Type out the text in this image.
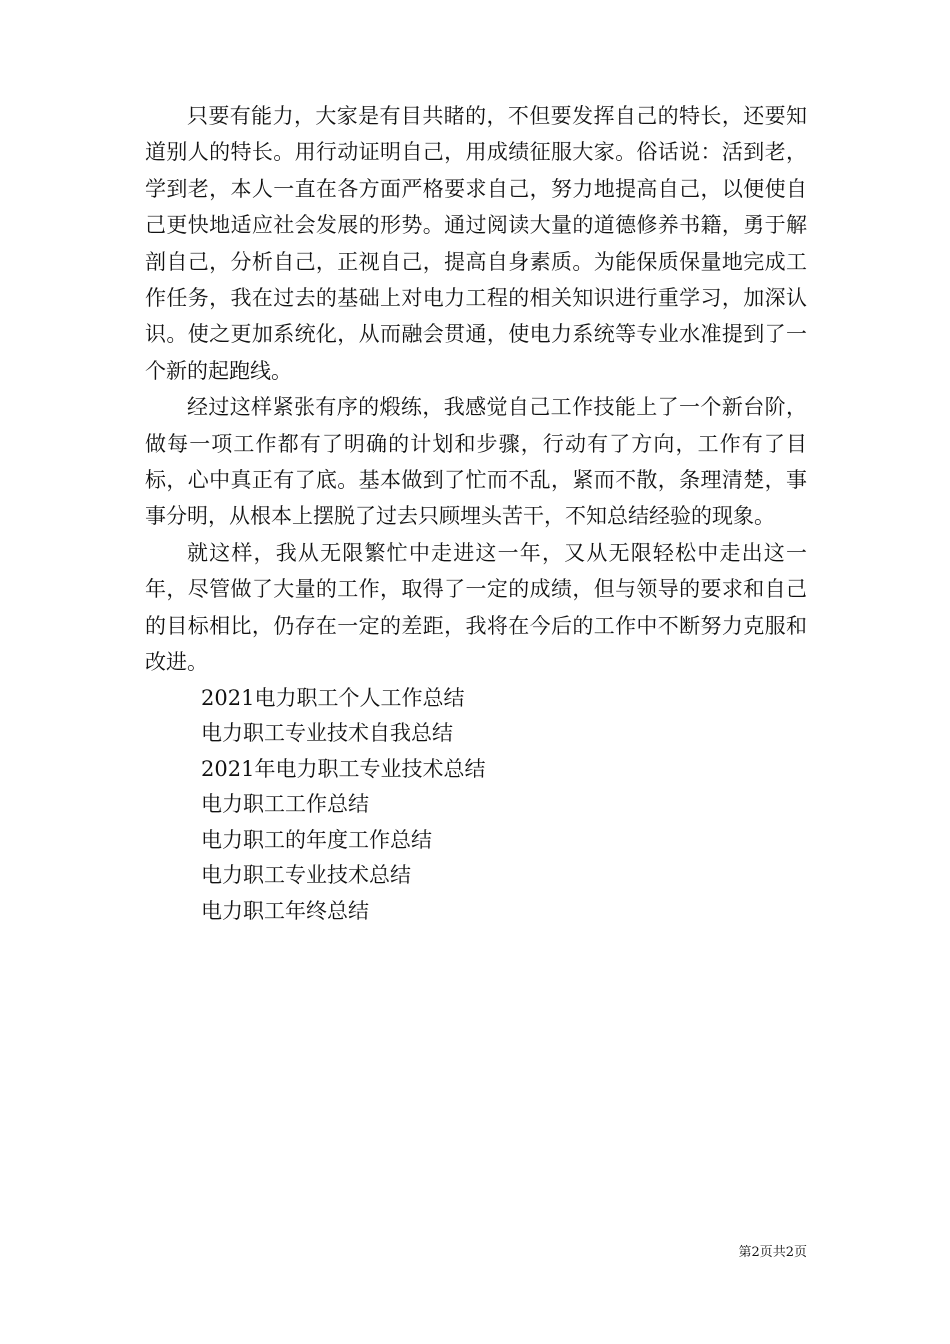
只要有能力，大家是有目共睹的，不但要发挥自己的特长，还要知道别人的特长。用行动证明自己，用成绩征服大家。俗话说：活到老，学到老，本人一直在各方面严格要求自己，努力地提高自己，以便使自己更快地适应社会发展的形势。通过阅读大量的道德修养书籍，勇于解剖自己，分析自己，正视自己，提高自身素质。为能保质保量地完成工作任务，我在过去的基础上对电力工程的相关知识进行重学习，加深认识。使之更加系统化，从而融会贯通，使电力系统等专业水准提到了一个新的起跑线。

经过这样紧张有序的煅练，我感觉自己工作技能上了一个新台阶，做每一项工作都有了明确的计划和步骤，行动有了方向，工作有了目标，心中真正有了底。基本做到了忙而不乱，紧而不散，条理清楚，事事分明，从根本上摆脱了过去只顾埋头苦干，不知总结经验的现象。

就这样，我从无限繁忙中走进这一年，又从无限轻松中走出这一年，尽管做了大量的工作，取得了一定的成绩，但与领导的要求和自己的目标相比，仍存在一定的差距，我将在今后的工作中不断努力克服和改进。

2021电力职工个人工作总结
电力职工专业技术自我总结
2021年电力职工专业技术总结
电力职工工作总结
电力职工的年度工作总结
电力职工专业技术总结
电力职工年终总结
第2页共2页
